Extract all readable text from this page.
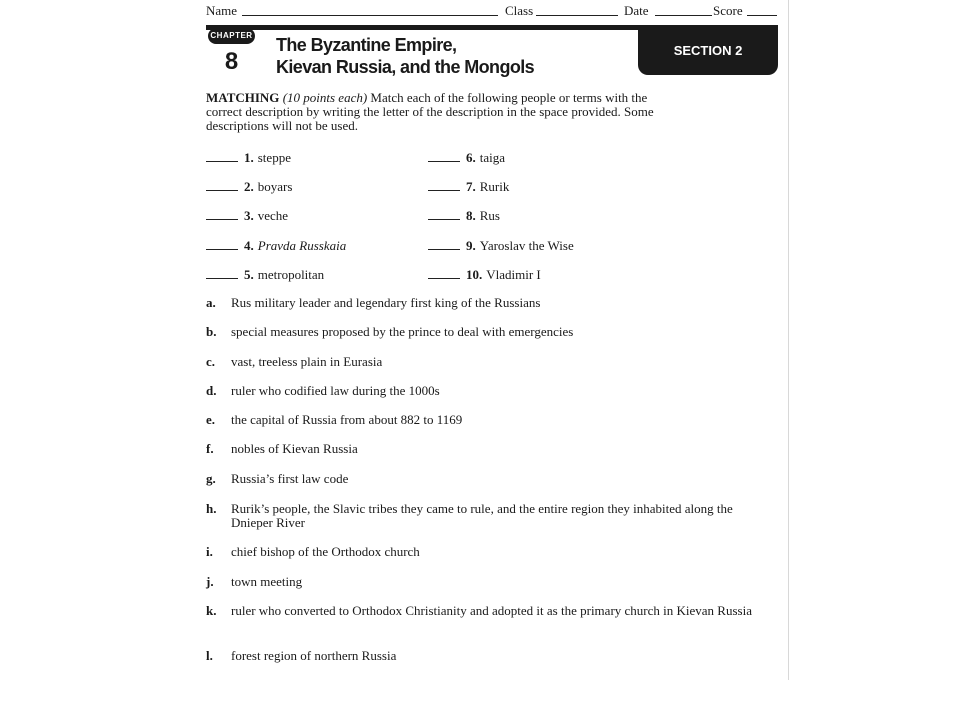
Name	Class	Date	Score
CHAPTER
8
The Byzantine Empire,
Kievan Russia, and the Mongols
SECTION 2
MATCHING (10 points each) Match each of the following people or terms with the correct description by writing the letter of the description in the space provided. Some descriptions will not be used.
1. steppe
2. boyars
3. veche
4. Pravda Russkaia
5. metropolitan
6. taiga
7. Rurik
8. Rus
9. Yaroslav the Wise
10. Vladimir I
a. Rus military leader and legendary first king of the Russians
b. special measures proposed by the prince to deal with emergencies
c. vast, treeless plain in Eurasia
d. ruler who codified law during the 1000s
e. the capital of Russia from about 882 to 1169
f. nobles of Kievan Russia
g. Russia’s first law code
h. Rurik’s people, the Slavic tribes they came to rule, and the entire region they inhabited along the Dnieper River
i. chief bishop of the Orthodox church
j. town meeting
k. ruler who converted to Orthodox Christianity and adopted it as the primary church in Kievan Russia
l. forest region of northern Russia
